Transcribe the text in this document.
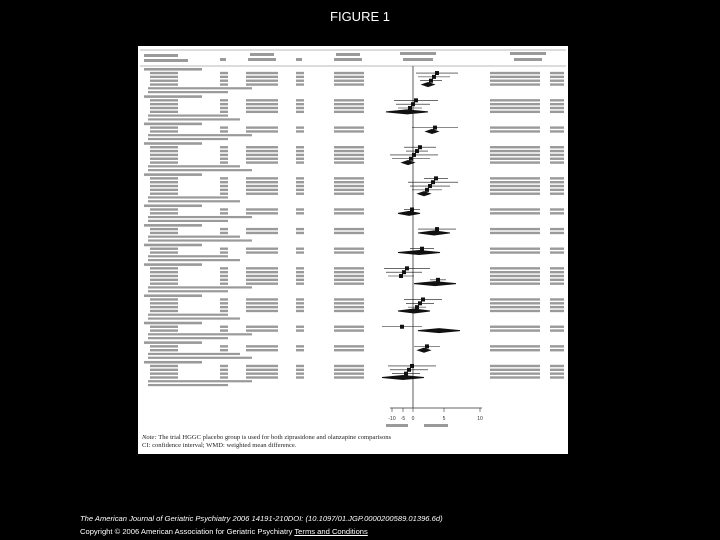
FIGURE 1
-10 -5 0	5	10
Note: The trial HGGC placebo group is used for both ziprasidone and olanzapine comparisons
CI: confidence interval; WMD: weighted mean difference.
The American Journal of Geriatric Psychiatry 2006 14191-210DOI: (10.1097/01.JGP.0000200589.01396.6d)
Copyright © 2006 American Association for Geriatric Psychiatry Terms and Conditions
